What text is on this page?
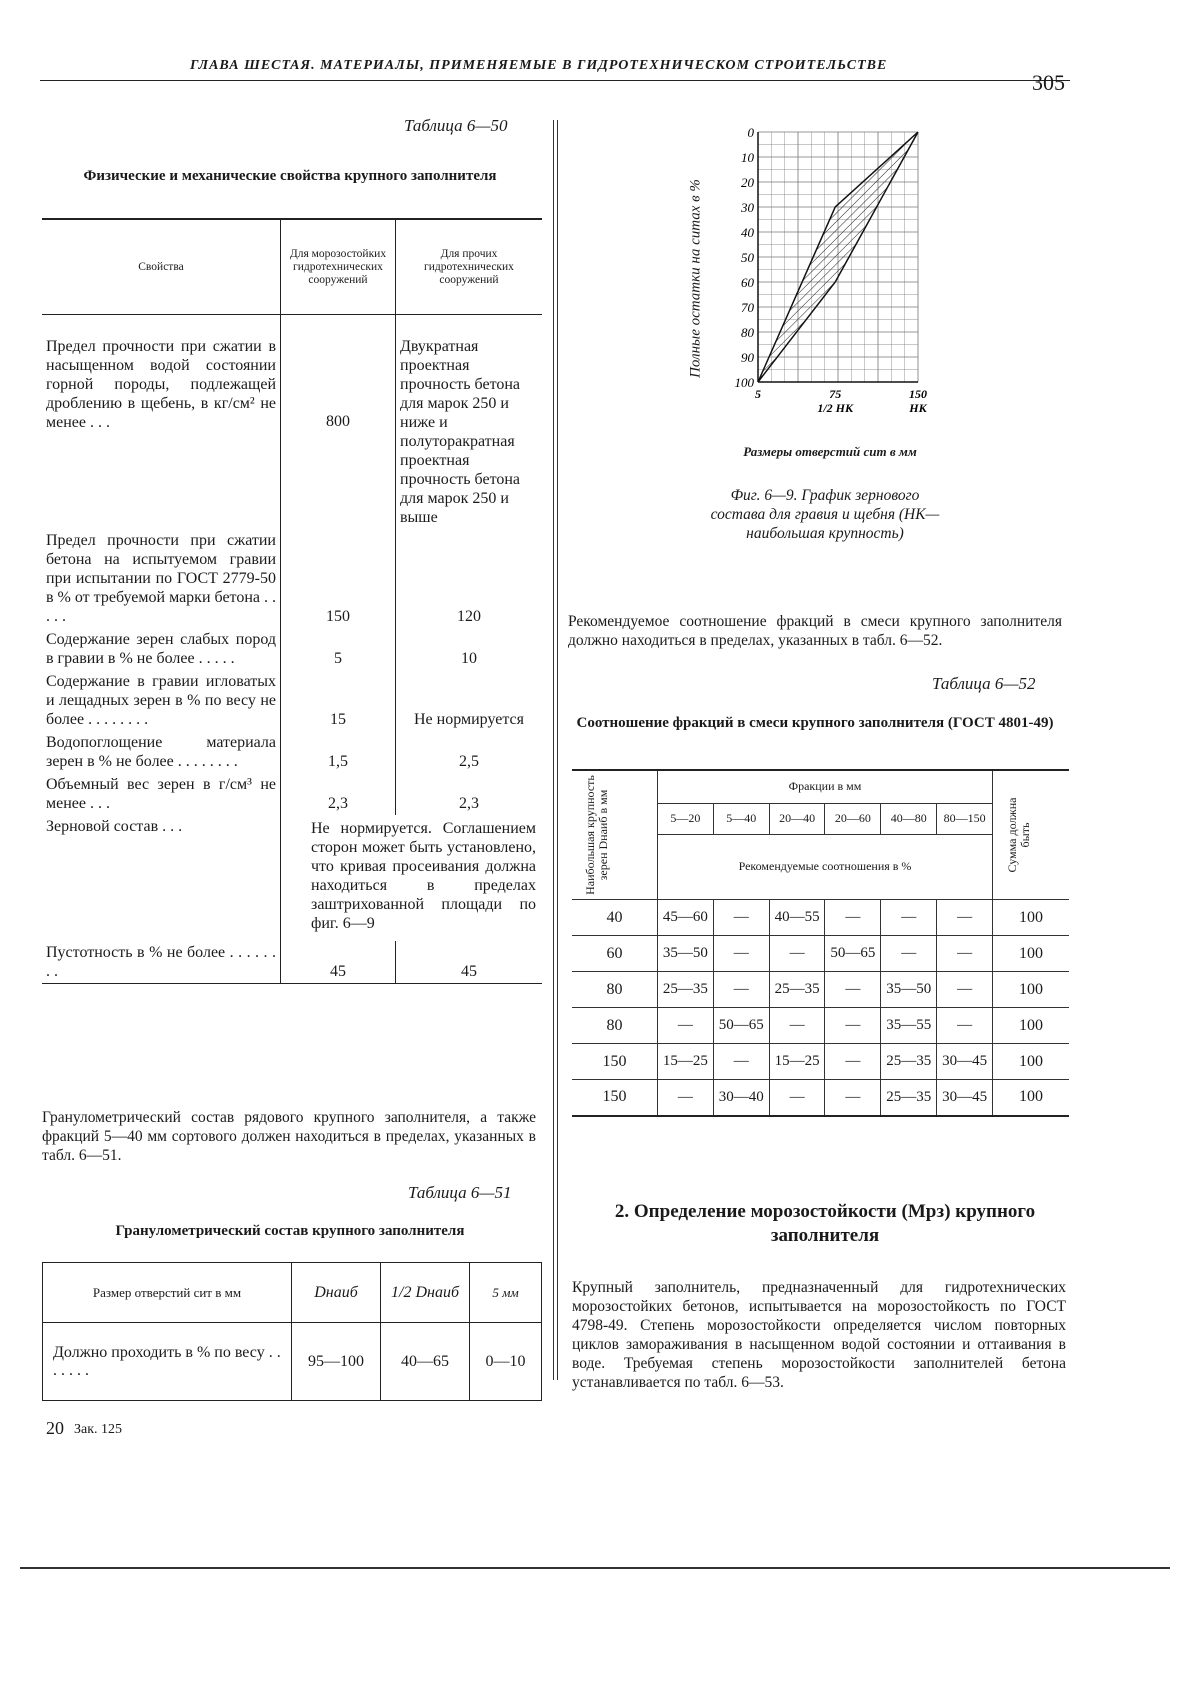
ГЛАВА ШЕСТАЯ. МАТЕРИАЛЫ, ПРИМЕНЯЕМЫЕ В ГИДРОТЕХНИЧЕСКОМ СТРОИТЕЛЬСТВЕ
305
Таблица 6—50
Физические и механические свойства крупного заполнителя
Свойства	Для морозостойких гидротехнических сооружений	Для прочих гидротехнических сооружений
Предел прочности при сжатии в насыщенном водой состоянии горной породы, подлежащей дроблению в щебень, в кг/см² не менее . . .	800	Двукратная проектная прочность бетона для марок 250 и ниже и полуторакратная проектная прочность бетона для марок 250 и выше
Предел прочности при сжатии бетона на испытуемом гравии при испытании по ГОСТ 2779-50 в % от требуемой марки бетона . . . . .	150	120
Содержание зерен слабых пород в гравии в % не более . . . . .	5	10
Содержание в гравии игловатых и лещадных зерен в % по весу не более . . . . . . . .	15	Не нормируется
Водопоглощение материала зерен в % не более . . . . . . . .	1,5	2,5
Объемный вес зерен в г/см³ не менее . . .	2,3	2,3
Зерновой состав . . .	Не нормируется. Соглашением сторон может быть установлено, что кривая просеивания должна находиться в пределах заштрихованной площади по фиг. 6—9	
Пустотность в % не более . . . . . . . .	45	45
Гранулометрический состав рядового крупного заполнителя, а также фракций 5—40 мм сортового должен находиться в пределах, указанных в табл. 6—51.
Таблица 6—51
Гранулометрический состав крупного заполнителя
Размер отверстий сит в мм	Dнаиб	1/2 Dнаиб	5 мм
Должно проходить в % по весу . . . . . . .	95—100	40—65	0—10
20 Зак. 125
0
10
20
30
40
50
60
70
80
90
100
5	75
1/2 НК
150
НК
Полные остатки на ситах в %
Размеры отверстий сит в мм
Фиг. 6—9. График зернового состава для гравия и щебня (НК—наибольшая крупность)
Рекомендуемое соотношение фракций в смеси крупного заполнителя должно находиться в пределах, указанных в табл. 6—52.
Таблица 6—52
Соотношение фракций в смеси крупного заполнителя (ГОСТ 4801-49)
Наибольшая крупность зерен Dнаиб в мм	Фракции в мм						Сумма должна быть

	5—20	5—40	20—40	20—60	40—80	80—150	
	Рекомендуемые соотношения в %						
40	45—60	—	40—55	—	—	—	100
60	35—50	—	—	50—65	—	—	100
80	25—35	—	25—35	—	35—50	—	100
80	—	50—65	—	—	35—55	—	100
150	15—25	—	15—25	—	25—35	30—45	100
150	—	30—40	—	—	25—35	30—45	100
2. Определение морозостойкости (Мрз) крупного заполнителя
Крупный заполнитель, предназначенный для гидротехнических морозостойких бетонов, испытывается на морозостойкость по ГОСТ 4798-49. Степень морозостойкости определяется числом повторных циклов замораживания в насыщенном водой состоянии и оттаивания в воде. Требуемая степень морозостойкости заполнителей бетона устанавливается по табл. 6—53.
